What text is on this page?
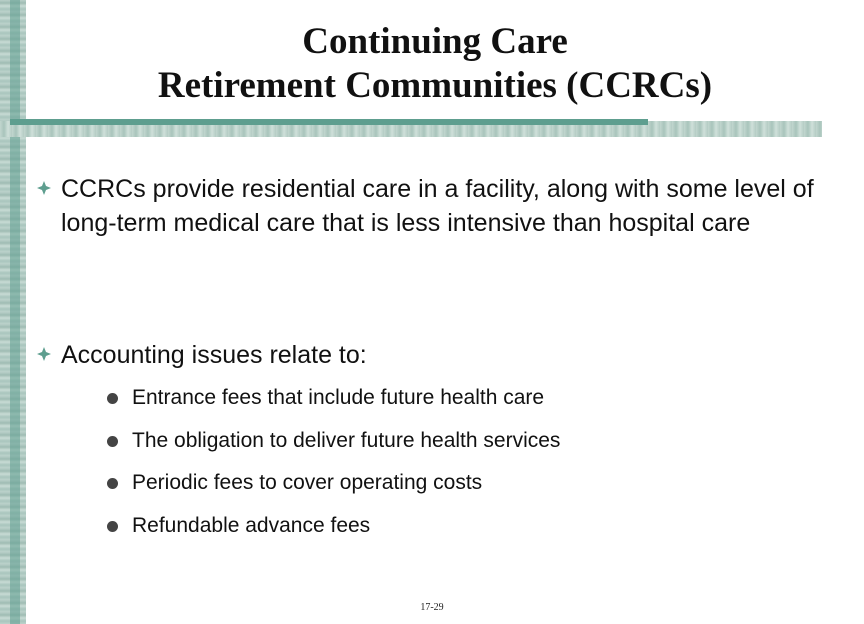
Continuing Care
Retirement Communities (CCRCs)
CCRCs provide residential care in a facility, along with some level of long-term medical care that is less intensive than hospital care
Accounting issues relate to:
Entrance fees that include future health care
The obligation to deliver future health services
Periodic fees to cover operating costs
Refundable advance fees
17-29
